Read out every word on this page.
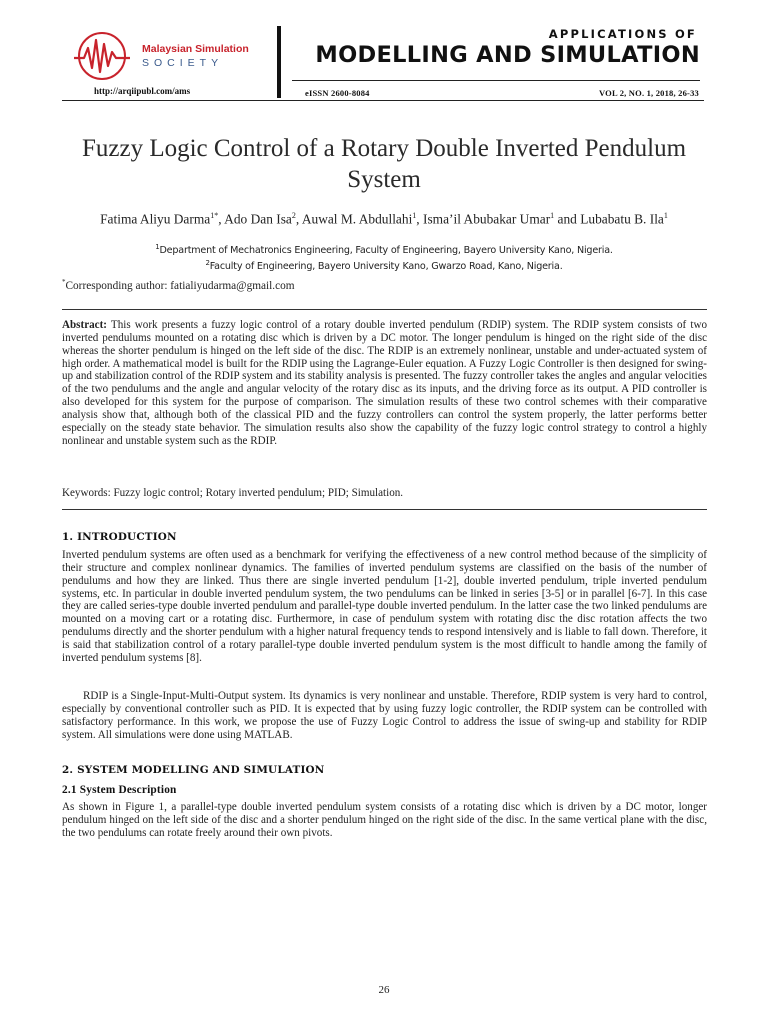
Malaysian Simulation
SOCIETY
APPLICATIONS OF
MODELLING AND SIMULATION
http://arqiipubl.com/ams	eISSN 2600-8084	VOL 2, NO. 1, 2018, 26-33
Fuzzy Logic Control of a Rotary Double Inverted Pendulum System
Fatima Aliyu Darma$^{1*}$, Ado Dan Isa$^2$, Auwal M. Abdullahi$^1$, Isma’il Abubakar Umar$^1$ and Lubabatu B. Ila$^1$
$^1$Department of Mechatronics Engineering, Faculty of Engineering, Bayero University Kano, Nigeria.
$^2$Faculty of Engineering, Bayero University Kano, Gwarzo Road, Kano, Nigeria.
*Corresponding author: fatialiyudarma@gmail.com
Abstract: This work presents a fuzzy logic control of a rotary double inverted pendulum (RDIP) system. The RDIP system consists of two inverted pendulums mounted on a rotating disc which is driven by a DC motor. The longer pendulum is hinged on the right side of the disc whereas the shorter pendulum is hinged on the left side of the disc. The RDIP is an extremely nonlinear, unstable and under-actuated system of high order. A mathematical model is built for the RDIP using the Lagrange-Euler equation. A Fuzzy Logic Controller is then designed for swing-up and stabilization control of the RDIP system and its stability analysis is presented. The fuzzy controller takes the angles and angular velocities of the two pendulums and the angle and angular velocity of the rotary disc as its inputs, and the driving force as its output. A PID controller is also developed for this system for the purpose of comparison. The simulation results of these two control schemes with their comparative analysis show that, although both of the classical PID and the fuzzy controllers can control the system properly, the latter performs better especially on the steady state behavior. The simulation results also show the capability of the fuzzy logic control strategy to control a highly nonlinear and unstable system such as the RDIP.
Keywords: Fuzzy logic control; Rotary inverted pendulum; PID; Simulation.
1. INTRODUCTION
Inverted pendulum systems are often used as a benchmark for verifying the effectiveness of a new control method because of the simplicity of their structure and complex nonlinear dynamics. The families of inverted pendulum systems are classified on the basis of the number of pendulums and how they are linked. Thus there are single inverted pendulum [1-2], double inverted pendulum, triple inverted pendulum systems, etc. In particular in double inverted pendulum system, the two pendulums can be linked in series [3-5] or in parallel [6-7]. In this case they are called series-type double inverted pendulum and parallel-type double inverted pendulum. In the latter case the two linked pendulums are mounted on a moving cart or a rotating disc. Furthermore, in case of pendulum system with rotating disc the disc rotation affects the two pendulums directly and the shorter pendulum with a higher natural frequency tends to respond intensively and is liable to fall down. Therefore, it is said that stabilization control of a rotary parallel-type double inverted pendulum system is the most difficult to handle among the family of inverted pendulum systems [8].
RDIP is a Single-Input-Multi-Output system. Its dynamics is very nonlinear and unstable. Therefore, RDIP system is very hard to control, especially by conventional controller such as PID. It is expected that by using fuzzy logic controller, the RDIP system can be controlled with satisfactory performance. In this work, we propose the use of Fuzzy Logic Control to address the issue of swing-up and stability for RDIP system. All simulations were done using MATLAB.
2. SYSTEM MODELLING AND SIMULATION
2.1 System Description
As shown in Figure 1, a parallel-type double inverted pendulum system consists of a rotating disc which is driven by a DC motor, longer pendulum hinged on the left side of the disc and a shorter pendulum hinged on the right side of the disc. In the same vertical plane with the disc, the two pendulums can rotate freely around their own pivots.
26
